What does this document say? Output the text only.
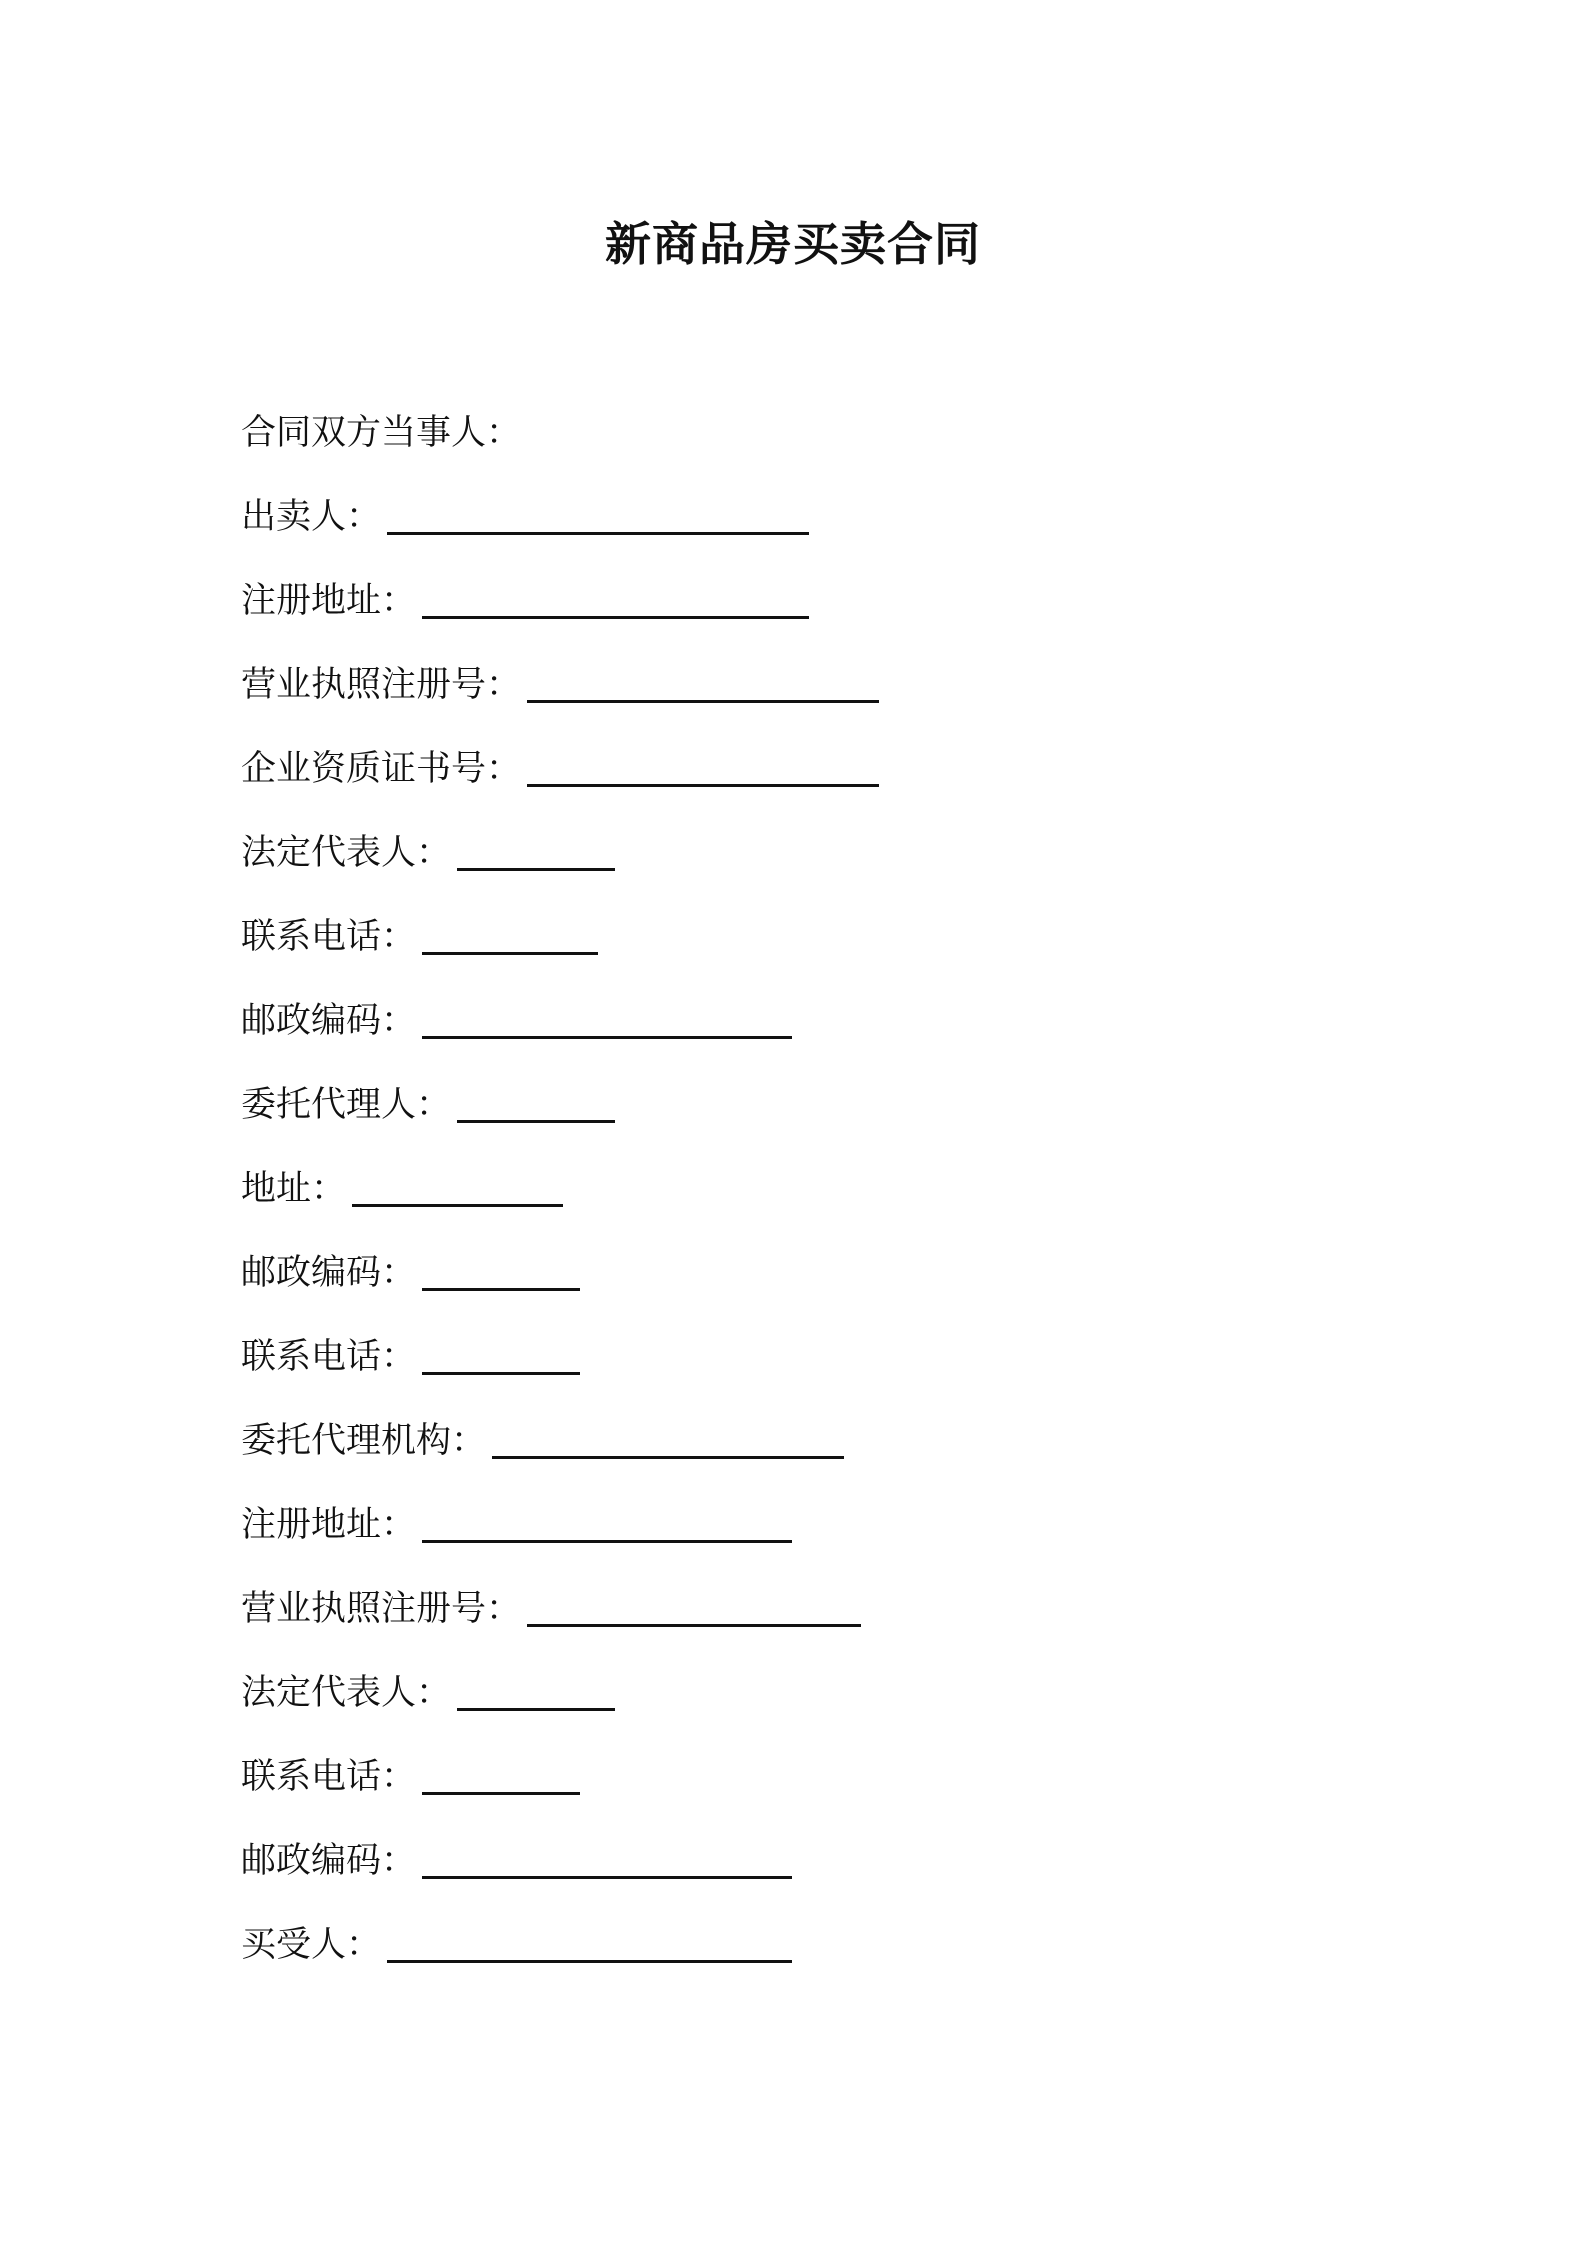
新商品房买卖合同
合同双方当事人：
出卖人：
注册地址：
营业执照注册号：
企业资质证书号：
法定代表人：
联系电话：
邮政编码：
委托代理人：
地址：
邮政编码：
联系电话：
委托代理机构：
注册地址：
营业执照注册号：
法定代表人：
联系电话：
邮政编码：
买受人：
